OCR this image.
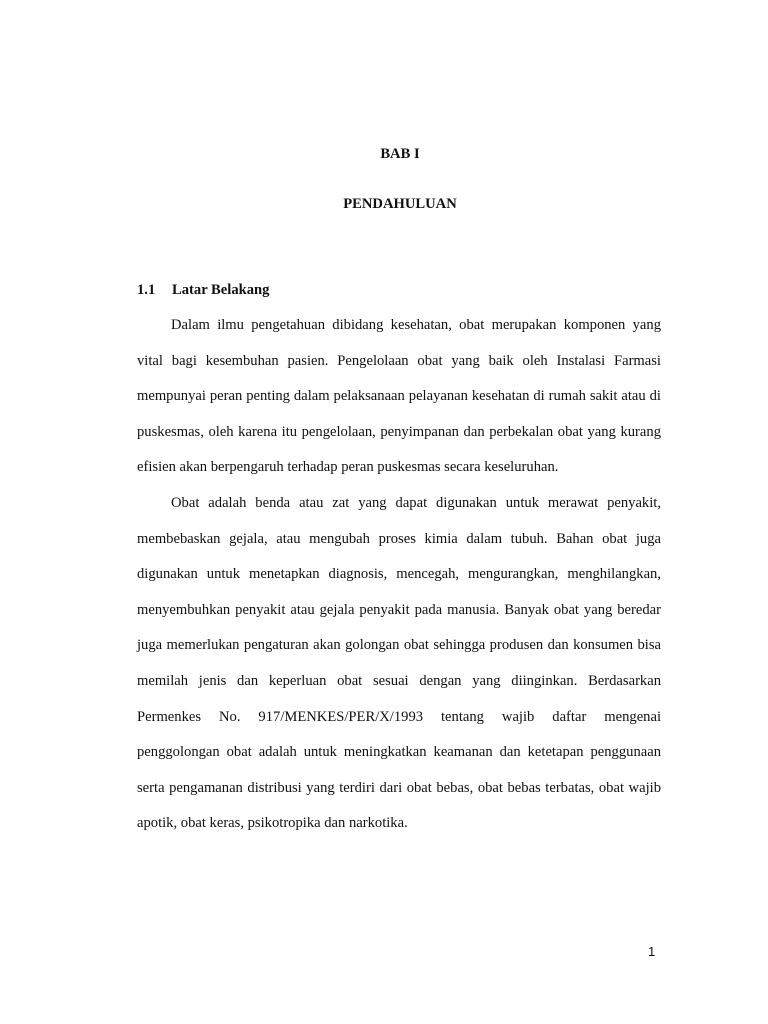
BAB I
PENDAHULUAN
1.1 Latar Belakang

Dalam ilmu pengetahuan dibidang kesehatan, obat merupakan komponen yang vital bagi kesembuhan pasien. Pengelolaan obat yang baik oleh Instalasi Farmasi mempunyai peran penting dalam pelaksanaan pelayanan kesehatan di rumah sakit atau di puskesmas, oleh karena itu pengelolaan, penyimpanan dan perbekalan obat yang kurang efisien akan berpengaruh terhadap peran puskesmas secara keseluruhan.

Obat adalah benda atau zat yang dapat digunakan untuk merawat penyakit, membebaskan gejala, atau mengubah proses kimia dalam tubuh. Bahan obat juga digunakan untuk menetapkan diagnosis, mencegah, mengurangkan, menghilangkan, menyembuhkan penyakit atau gejala penyakit pada manusia. Banyak obat yang beredar juga memerlukan pengaturan akan golongan obat sehingga produsen dan konsumen bisa memilah jenis dan keperluan obat sesuai dengan yang diinginkan. Berdasarkan Permenkes No. 917/MENKES/PER/X/1993 tentang wajib daftar mengenai penggolongan obat adalah untuk meningkatkan keamanan dan ketetapan penggunaan serta pengamanan distribusi yang terdiri dari obat bebas, obat bebas terbatas, obat wajib apotik, obat keras, psikotropika dan narkotika.

1
